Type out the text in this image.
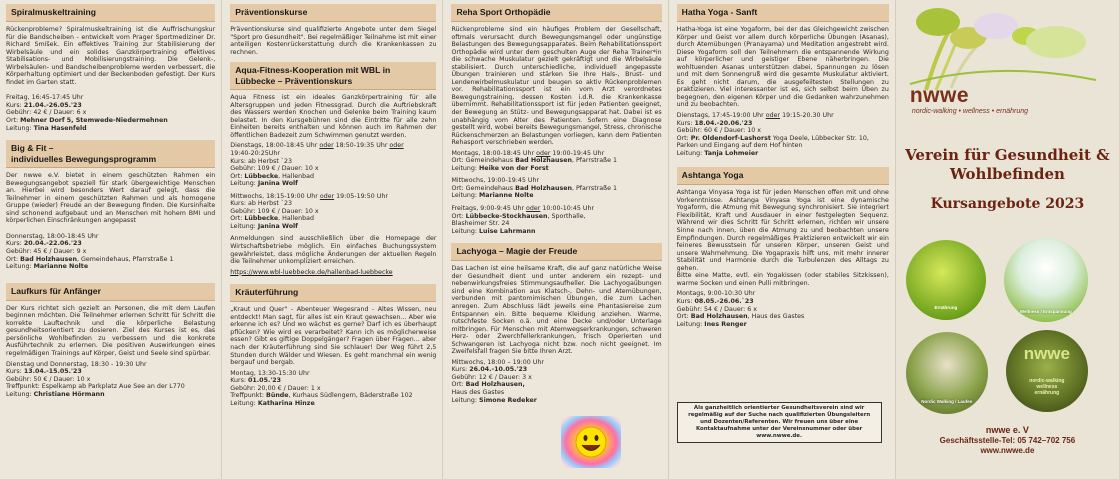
Spiralmuskeltraining
Rückenprobleme? Spiralmuskeltraining ist die Auffrischungskur für die Bandscheiben - entwickelt vom Prager Sportmediziner Dr. Richard Smíšek. Ein effektives Training zur Stabilisierung der Wirbelsäule und ein solides Ganzkörpertraining effektives Stabilisations- und Mobilisierungstraining. Die Gelenk-, Wirbelsäulen- und Bandscheibenprobleme werden verbessert, die Körperhaltung optimiert und der Beckenboden gefestigt. Der Kurs findet im Garten statt.

Freitag, 16:45-17:45 Uhr

Kurs: 21.04.-26.05.'23

Gebühr: 42 € / Dauer: 6 x

Ort: Mehner Dorf 5, Stemwede-Niedermehnen

Leitung: Tina Hasenfeld

Big & Fit –
individuelles Bewegungsprogramm
Der nwwe e.V. bietet in einem geschützten Rahmen ein Bewegungsangebot speziell für stark übergewichtige Menschen an. Hierbei wird besonders Wert darauf gelegt, dass die Teilnehmer in einem geschützten Rahmen und als homogene Gruppe (wieder) Freude an der Bewegung finden. Die Kursinhalte sind schonend aufgebaut und an Menschen mit hohem BMI und körperlichen Einschränkungen angepasst

Donnerstag, 18:00-18:45 Uhr

Kurs: 20.04.-22.06.'23

Gebühr: 45 € / Dauer: 9 x

Ort: Bad Holzhausen, Gemeindehaus, Pfarrstraße 1

Leitung: Marianne Nolte

Laufkurs für Anfänger
Der Kurs richtet sich gezielt an Personen, die mit dem Laufen beginnen möchten. Die Teilnehmer erlernen Schritt für Schritt die korrekte Lauftechnik und die körperliche Belastung gesundheitsorientiert zu dosieren. Ziel des Kurses ist es, das persönliche Wohlbefinden zu verbessern und die konkrete Ausführtechnik zu erlernen. Die positiven Auswirkungen eines regelmäßigen Trainings auf Körper, Geist und Seele sind spürbar.

Dienstag und Donnerstag, 18:30 - 19:30 Uhr

Kurs: 13.04.-15.05.'23

Gebühr: 50 € / Dauer: 10 x

Treffpunkt: Espelkamp ab Parkplatz Aue See an der L770

Leitung: Christiane Hörmann

Präventionskurse
Präventionskurse sind qualifizierte Angebote unter dem Siegel "Sport pro Gesundheit". Bei regelmäßiger Teilnahme ist mit einer anteiligen Kostenrückerstattung durch die Krankenkassen zu rechnen.
Aqua-Fitness-Kooperation mit WBL in
Lübbecke – Präventionskurs
Aqua Fitness ist ein ideales Ganzkörpertraining für alle Altersgruppen und jeden Fitnessgrad. Durch die Auftriebskraft des Wassers werden Knochen und Gelenke beim Training kaum belastet. In den Kursgebühren sind die Eintritte für alle zehn Einheiten bereits enthalten und können auch im Rahmen der öffentlichen Badezeit zum Schwimmen genutzt werden.

Dienstags, 18:00-18:45 Uhr oder 18:50-19:35 Uhr oder

19:40-20:25Uhr

Kurs: ab Herbst `23

Gebühr: 109 € / Dauer: 10 x

Ort: Lübbecke, Hallenbad

Leitung: Janina Wolf

Mittwochs, 18:15-19:00 Uhr oder 19:05-19:50 Uhr

Kurs: ab Herbst `23

Gebühr: 109 € / Dauer: 10 x

Ort: Lübbecke, Hallenbad

Leitung: Janina Wolf

Anmeldungen sind ausschließlich über die Homepage der Wirtschaftsbetriebe möglich. Ein einfaches Buchungssystem gewährleistet, dass mögliche Änderungen der aktuellen Regeln die Teilnehmer unkompliziert erreichen.
https://www.wbl-luebbecke.de/hallenbad-luebbecke
Kräuterführung
„Kraut und Quer" - Abenteuer Wegesrand - Altes Wissen, neu entdeckt! Man sagt, für alles ist ein Kraut gewachsen... Aber wie erkenne ich es? Und wo wächst es gerne? Darf ich es überhaupt pflücken? Wie wird es verarbeitet? Kann ich es möglicherweise essen? Gibt es giftige Doppelgänger? Fragen über Fragen... aber nach der Kräuterführung sind Sie schlauer! Der Weg führt 2,5 Stunden durch Wälder und Wiesen. Es geht manchmal ein wenig bergauf und bergab.

Montag, 13:30-15:30 Uhr

Kurs: 01.05.'23

Gebühr: 20,00 € / Dauer: 1 x

Treffpunkt: Bünde, Kurhaus Südlengern, Bäderstraße 102

Leitung: Katharina Hinze

Reha Sport Orthopädie
Rückenprobleme sind ein häufiges Problem der Gesellschaft, oftmals verursacht durch Bewegungsmangel oder ungünstige Belastungen des Bewegungsapparates. Beim Rehabilitationssport Orthopädie wird unter dem geschulten Auge der Reha Trainer*in die schwache Muskulatur gezielt gekräftigt und die Wirbelsäule stabilisiert. Durch unterschiedliche, individuell angepasste Übungen trainieren und stärken Sie Ihre Hals-, Brust- und Lendenwirbelmuskulatur und beugen so aktiv Rückenproblemen vor. Rehabilitationssport ist ein vom Arzt verordnetes Bewegungstraining, dessen Kosten i.d.R. die Krankenkasse übernimmt. Rehabilitationssport ist für jeden Patienten geeignet, der Bewegung an Stütz- und Bewegungsapparat hat. Dabei ist es unabhängig vom Alter des Patienten. Sofern eine Diagnose gestellt wird, wobei bereits Bewegungsmangel, Stress, chronische Rückenschmerzen an Belastungen vorliegen, kann dem Patienten Rehasport verschrieben werden.

Montags, 18:00-18:45 Uhr oder 19:00-19:45 Uhr

Ort: Gemeindehaus Bad Holzhausen, Pfarrstraße 1

Leitung: Heike von der Forst

Mittwochs, 19:00-19:45 Uhr

Ort: Gemeindehaus Bad Holzhausen, Pfarrstraße 1

Leitung: Marianne Nolte

Freitags, 9:00-9:45 Uhr oder 10:00-10:45 Uhr

Ort: Lübbecke-Stockhausen, Sporthalle,

Blasheimer Str. 24

Leitung: Luise Lahrmann

Lachyoga – Magie der Freude
Das Lachen ist eine heilsame Kraft, die auf ganz natürliche Weise der Gesundheit dient und unter anderem ein rezept- und nebenwirkungsfreies Stimmungsaufheller. Die Lachyogaübungen sind eine Kombination aus Klatsch-, Dehn- und Atemübungen, verbunden mit pantomimischen Übungen, die zum Lachen anregen. Zum Abschluss lädt jeweils eine Phantasiereise zum Entspannen ein. Bitte bequeme Kleidung anziehen. Warme, rutschfeste Socken o.ä. und eine Decke und/oder Unterlage mitbringen. Für Menschen mit Atemwegserkrankungen, schweren Herz- oder Zwerchfellerkrankungen, frisch Operierten und Schwangeren ist Lachyoga nicht bzw. noch nicht geeignet. Im Zweifelsfall fragen Sie bitte Ihren Arzt.

Mittwochs, 18:00 – 19:00 Uhr

Kurs: 26.04.-10.05.'23

Gebühr: 12 € / Dauer: 3 x

Ort: Bad Holzhausen,

Haus des Gastes

Leitung: Simone Redeker

Hatha Yoga - Sanft
Hatha-Yoga ist eine Yogaform, bei der das Gleichgewicht zwischen Körper und Geist vor allem durch körperliche Übungen (Asanas), durch Atemübungen (Pranayama) und Meditation angestrebt wird. Diese Yogaform soll den Teilnehmern die entspannende Wirkung auf körperlicher und geistiger Ebene näherbringen. Die wohltuenden Asanas unterstützen dabei, Spannungen zu lösen und mit dem Sonnengruß wird die gesamte Muskulatur aktiviert. Es geht nicht darum, die ausgefeiltesten Stellungen zu praktizieren. Viel interessanter ist es, sich selbst beim Üben zu begegnen, den eigenen Körper und die Gedanken wahrzunehmen und zu beobachten.

Dienstags, 17:45-19:00 Uhr oder 19:15-20.30 Uhr

Kurs: 18.04.-20.06.'23

Gebühr: 60 € / Dauer: 10 x

Ort: Pr. Oldendorf-Lashorst Yoga Deele, Lübbecker Str. 10, Parken und Eingang auf dem Hof hinten

Leitung: Tanja Lohmeier

Ashtanga Yoga
Ashtanga Vinyasa Yoga ist für jeden Menschen offen mit und ohne Vorkenntnisse. Ashtanga Vinyasa Yoga ist eine dynamische Yogaform, die Atmung mit Bewegung synchronisiert. Sie integriert Flexibilität, Kraft und Ausdauer in einer festgelegten Sequenz. Während wir dies Schritt für Schritt erlernen, richten wir unsere Sinne nach innen, üben die Atmung zu und beobachten unsere Empfindungen. Durch regelmäßiges Praktizieren entwickelt wir ein feineres Bewusstsein für unseren Körper, unseren Geist und unsere Wahrnehmung. Die Yogapraxis hilft uns, mit mehr innerer Stabilität und Harmonie durch die Turbulenzen des Alltags zu gehen.
Bitte eine Matte, evtl. ein Yogakissen (oder stabiles Sitzkissen), warme Socken und einen Pulli mitbringen.

Montags, 9:00-10:30 Uhr

Kurs: 08.05.-26.06.`23

Gebühr: 54 € / Dauer: 6 x

Ort: Bad Holzhausen, Haus des Gastes

Leitung: Ines Renger

Als ganzheitlich orientierter Gesundheitsverein sind wir regelmäßig auf der Suche nach qualifizierten Übungsleitern und Dozenten/Referenten. Wir freuen uns über eine Kontaktaufnahme unter der Vereinsnummer oder über www.nwwe.de.
nwwe
nordic-walking • wellness • ernährung
Verein für Gesundheit &
Wohlbefinden
Kursangebote 2023
Ernährung
Wellness / Entspannung
Nordic Walking / Laufen
nwwe
nordic-walking
wellness
ernährung
nwwe e. V
Geschäftsstelle-Tel: 05 742–702 756
www.nwwe.de
